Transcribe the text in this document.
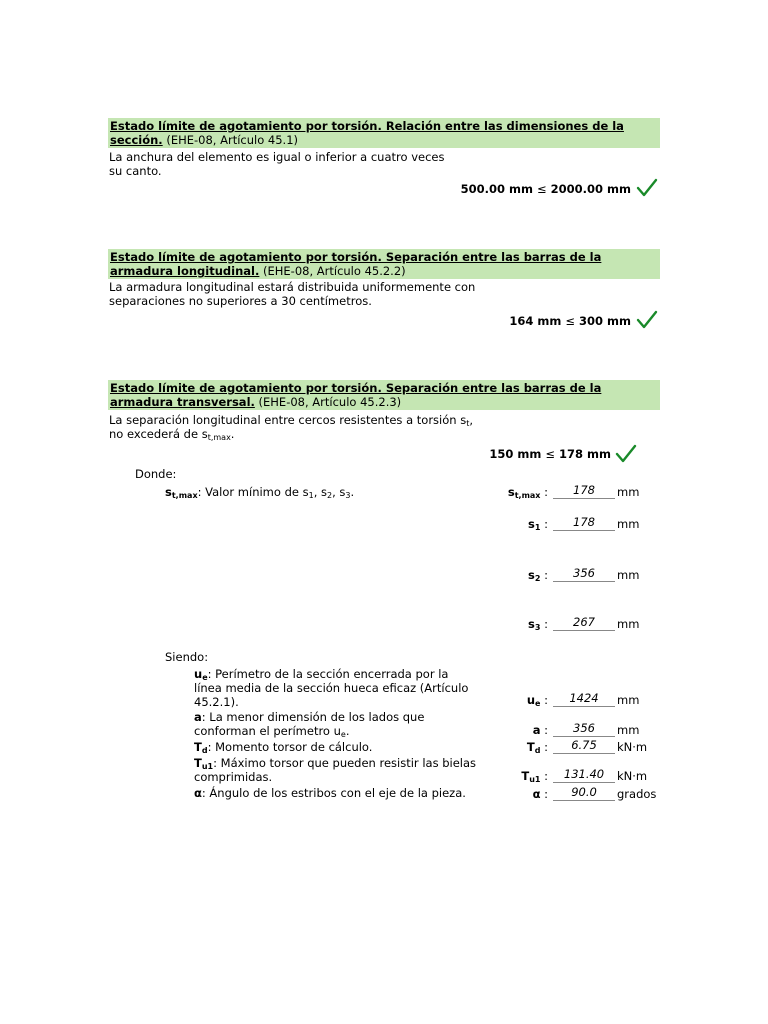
Estado límite de agotamiento por torsión. Relación entre las dimensiones de la sección. (EHE-08, Artículo 45.1)
La anchura del elemento es igual o inferior a cuatro veces
su canto.
500.00 mm ≤ 2000.00 mm
Estado límite de agotamiento por torsión. Separación entre las barras de la armadura longitudinal. (EHE-08, Artículo 45.2.2)
La armadura longitudinal estará distribuida uniformemente con
separaciones no superiores a 30 centímetros.
164 mm ≤ 300 mm
Estado límite de agotamiento por torsión. Separación entre las barras de la armadura transversal. (EHE-08, Artículo 45.2.3)
La separación longitudinal entre cercos resistentes a torsión $s_t$,
no excederá de $s_{t,max}$.
150 mm ≤ 178 mm
Donde:
$s_{t,max}$: Valor mínimo de $s_1$, $s_2$, $s_3$.	$s_{t,max}$ :	178	mm
$s_1$ :	178	mm
$s_2$ :	356	mm
$s_3$ :	267	mm
Siendo:
$u_e$: Perímetro de la sección encerrada por la
línea media de la sección hueca eficaz (Artículo
45.2.1).	$u_e$ :	1424	mm
a: La menor dimensión de los lados que
conforman el perímetro $u_e$.	a :	356	mm
$T_d$: Momento torsor de cálculo.	$T_d$ :	6.75	kN·m
$T_{u1}$: Máximo torsor que pueden resistir las bielas
comprimidas.	$T_{u1}$ :	131.40	kN·m
α: Ángulo de los estribos con el eje de la pieza.	α :	90.0	grados
